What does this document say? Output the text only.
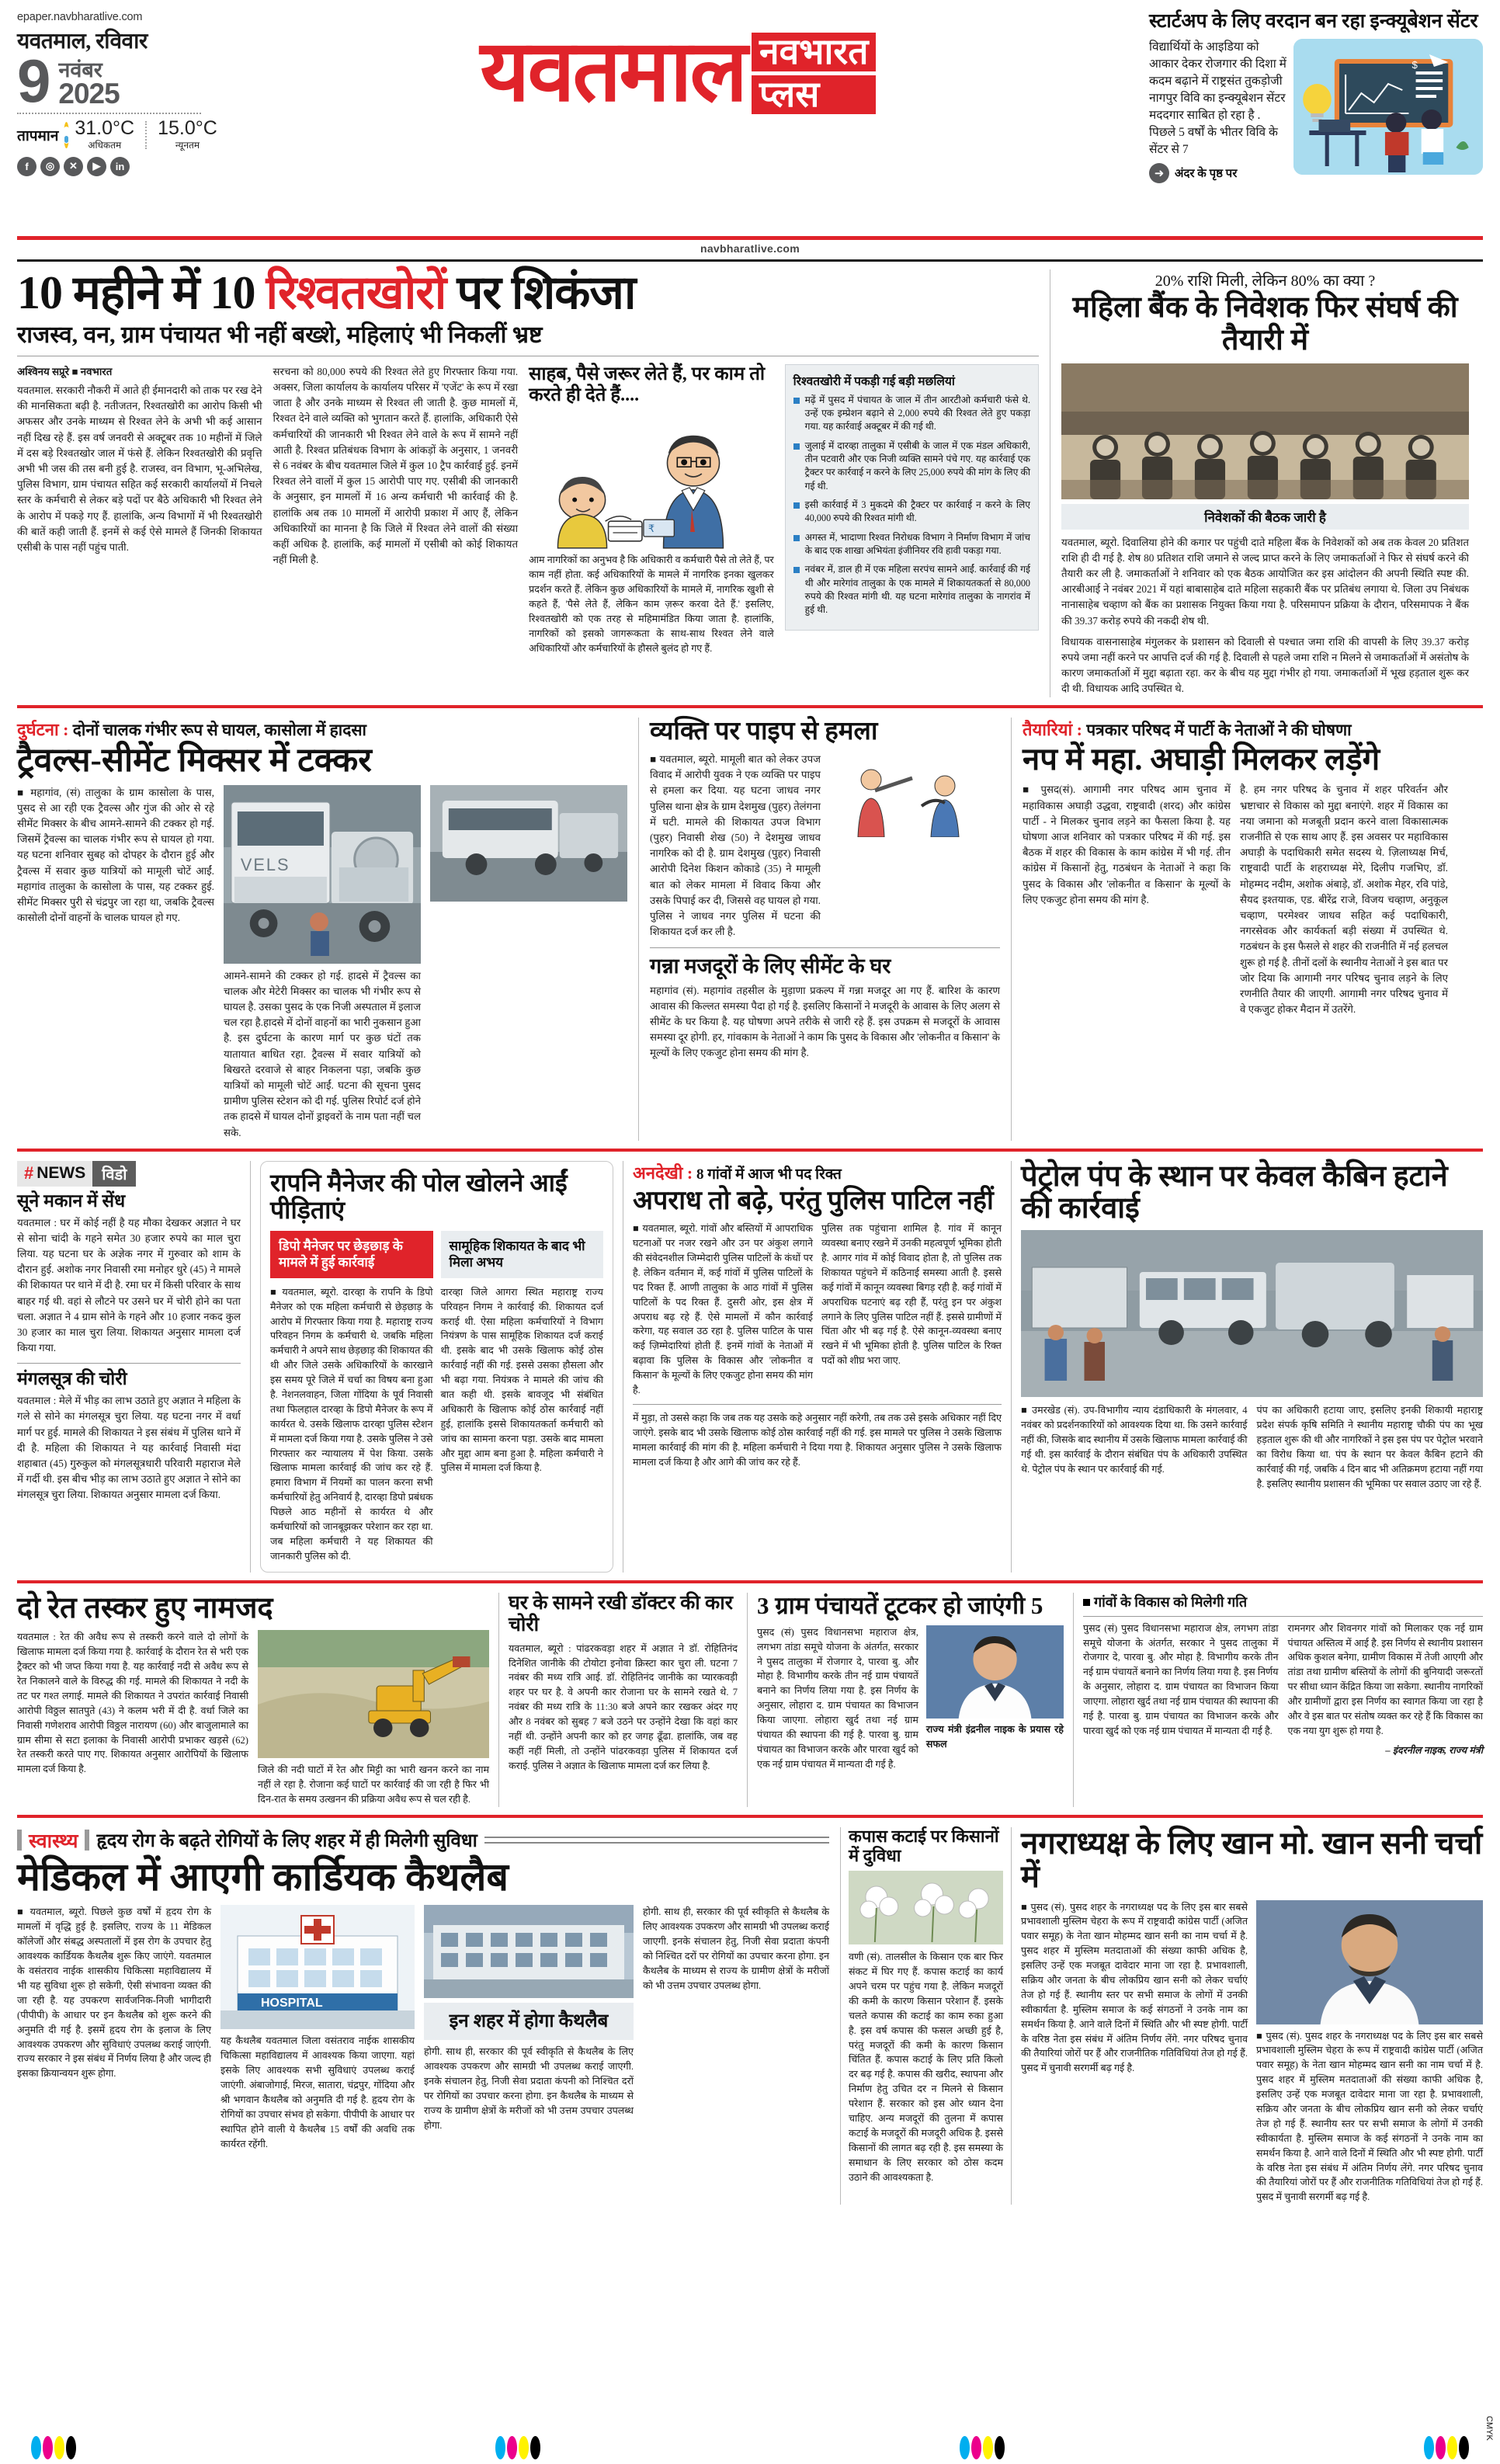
epaper.navbharatlive.com
यवतमाल, रविवार
9 नवंबर
2025
तापमान 31.0°C
अधिकतम
15.0°C
न्यूनतम
f	◎	✕	▶	in
यवतमाल नवभारत
प्लस
स्टार्टअप के लिए वरदान बन रहा इन्क्यूबेशन सेंटर
विद्यार्थियों के आइडिया को आकार देकर रोजगार की दिशा में कदम बढ़ाने में राष्ट्रसंत तुकड़ोजी नागपुर विवि का इन्क्यूबेशन सेंटर मददगार साबित हो रहा है . पिछले 5 वर्षों के भीतर विवि के सेंटर से 7
➜ अंदर के पृष्ठ पर
$
navbharatlive.com
10 महीने में 10 रिश्वतखोरों पर शिकंजा
राजस्व, वन, ग्राम पंचायत भी नहीं बख्शे, महिलाएं भी निकलीं भ्रष्ट
अश्विनय सप्रूरे ■ नवभारत
यवतमाल. सरकारी नौकरी में आते ही ईमानदारी को ताक पर रख देने की मानसिकता बढ़ी है. नतीजतन, रिश्वतखोरी का आरोप किसी भी अफसर और उनके माध्यम से रिश्वत लेने के अभी भी कई आसान नहीं दिख रहे हैं. इस वर्ष जनवरी से अक्टूबर तक 10 महीनों में जिले में दस बड़े रिश्वतखोर जाल में फंसे हैं. लेकिन रिश्वतखोरी की प्रवृत्ति अभी भी जस की तस बनी हुई है. राजस्व, वन विभाग, भू-अभिलेख, पुलिस विभाग, ग्राम पंचायत सहित कई सरकारी कार्यालयों में निचले स्तर के कर्मचारी से लेकर बड़े पदों पर बैठे अधिकारी भी रिश्वत लेने के आरोप में पकड़े गए हैं. हालांकि, अन्य विभागों में भी रिश्वतखोरी की बातें कही जाती हैं. इनमें से कई ऐसे मामले हैं जिनकी शिकायत एसीबी के पास नहीं पहुंच पाती.
सरचना को 80,000 रुपये की रिश्वत लेते हुए गिरफ्तार किया गया. अक्सर, जिला कार्यालय के कार्यालय परिसर में 'एजेंट' के रूप में रखा जाता है और उनके माध्यम से रिश्वत ली जाती है. कुछ मामलों में, रिश्वत देने वाले व्यक्ति को भुगतान करते हैं. हालांकि, अधिकारी ऐसे कर्मचारियों की जानकारी भी रिश्वत लेने वाले के रूप में सामने नहीं आती है. रिश्वत प्रतिबंधक विभाग के आंकड़ों के अनुसार, 1 जनवरी से 6 नवंबर के बीच यवतमाल जिले में कुल 10 ट्रैप कार्रवाई हुई. इनमें रिश्वत लेने वालों में कुल 15 आरोपी पाए गए. एसीबी की जानकारी के अनुसार, इन मामलों में 16 अन्य कर्मचारी भी कार्रवाई की है. हालांकि अब तक 10 मामलों में आरोपी प्रकाश में आए हैं, लेकिन अधिकारियों का मानना है कि जिले में रिश्वत लेने वालों की संख्या कहीं अधिक है. हालांकि, कई मामलों में एसीबी को कोई शिकायत नहीं मिली है.
साहब, पैसे जरूर लेते हैं, पर काम तो करते ही देते हैं....
₹
आम नागरिकों का अनुभव है कि अधिकारी व कर्मचारी पैसे तो लेते हैं, पर काम नहीं होता. कई अधिकारियों के मामले में नागरिक इनका खुलकर प्रदर्शन करते हैं. लेकिन कुछ अधिकारियों के मामले में, नागरिक खुशी से कहते हैं, 'पैसे लेते हैं, लेकिन काम ज़रूर करवा देते हैं.' इसलिए, रिश्वतखोरी को एक तरह से महिमामंडित किया जाता है. हालांकि, नागरिकों को इसको जागरूकता के साथ-साथ रिश्वत लेने वाले अधिकारियों और कर्मचारियों के हौसले बुलंद हो गए हैं.
रिश्वतखोरी में पकड़ी गई बड़ी मछलियां
मढ़ें में पुसद में पंचायत के जाल में तीन आरटीओ कर्मचारी फंसे थे. उन्हें एक इम्प्रेशन बढ़ाने से 2,000 रुपये की रिश्वत लेते हुए पकड़ा गया. यह कार्रवाई अक्टूबर में की गई थी.
जुलाई में दारव्हा तालुका में एसीबी के जाल में एक मंडल अधिकारी, तीन पटवारी और एक निजी व्यक्ति सामने पंचे गए. यह कार्रवाई एक ट्रैक्टर पर कार्रवाई न करने के लिए 25,000 रुपये की मांग के लिए की गई थी.
इसी कार्रवाई में 3 मुकदमे की ट्रैक्टर पर कार्रवाई न करने के लिए 40,000 रुपये की रिश्वत मांगी थी.
अगस्त में, भादाणा रिश्वत निरोधक विभाग ने निर्माण विभाग में जांच के बाद एक शाखा अभियंता इंजीनियर रवि हावी पकड़ा गया.
नवंबर में, डाल ही में एक महिला सरपंच सामने आईं. कार्रवाई की गई थी और मारेगांव तालुका के एक मामले में शिकायतकर्ता से 80,000 रुपये की रिश्वत मांगी थी. यह घटना मारेगांव तालुका के नागरांव में हुई थी.
20% राशि मिली, लेकिन 80% का क्या ?
महिला बैंक के निवेशक फिर संघर्ष की तैयारी में
निवेशकों की बैठक जारी है
यवतमाल, ब्यूरो. दिवालिया होने की कगार पर पहुंची दाते महिला बैंक के निवेशकों को अब तक केवल 20 प्रतिशत राशि ही दी गई है. शेष 80 प्रतिशत राशि जमाने से जल्द प्राप्त करने के लिए जमाकर्ताओं ने फिर से संघर्ष करने की तैयारी कर ली है. जमाकर्ताओं ने शनिवार को एक बैठक आयोजित कर इस आंदोलन की अपनी स्थिति स्पष्ट की. आरबीआई ने नवंबर 2021 में यहां बाबासाहेब दाते महिला सहकारी बैंक पर प्रतिबंध लगाया थे. जिला उप निबंधक नानासाहेब चव्हाण को बैंक का प्रशासक नियुक्त किया गया है. परिसमापन प्रक्रिया के दौरान, परिसमापक ने बैंक की 39.37 करोड़ रुपये की नकदी शेष थी.
विधायक वासनासाहेब मंगुलकर के प्रशासन को दिवाली से पश्चात जमा राशि की वापसी के लिए 39.37 करोड़ रुपये जमा नहीं करने पर आपत्ति दर्ज की गई है. दिवाली से पहले जमा राशि न मिलने से जमाकर्ताओं में असंतोष के कारण जमाकर्ताओं में मुद्दा बढ़ाता रहा. कर के बीच यह मुद्दा गंभीर हो गया. जमाकर्ताओं में भूख हड़ताल शुरू कर दी थी. विधायक आदि उपस्थित थे.
दुर्घटना : दोनों चालक गंभीर रूप से घायल, कासोला में हादसा
ट्रैवल्स-सीमेंट मिक्सर में टक्कर
■ महागांव, (सं) तालुका के ग्राम कासोला के पास, पुसद से आ रही एक ट्रैवल्स और गुंज की ओर से रहे सीमेंट मिक्सर के बीच आमने-सामने की टक्कर हो गई. जिसमें ट्रैवल्स का चालक गंभीर रूप से घायल हो गया. यह घटना शनिवार सुबह को दोपहर के दौरान हुई और ट्रैवल्स में सवार कुछ यात्रियों को मामूली चोटें आईं. महागांव तालुका के कासोला के पास, यह टक्कर हुई. सीमेंट मिक्सर पुरी से चंद्रपुर जा रहा था, जबकि ट्रैवल्स कासोली दोनों वाहनों के चालक घायल हो गए.
VELS
आमने-सामने की टक्कर हो गई. हादसे में ट्रैवल्स का चालक और मेटेरी मिक्सर का चालक भी गंभीर रूप से घायल है. उसका पुसद के एक निजी अस्पताल में इलाज चल रहा है.हादसे में दोनों वाहनों का भारी नुकसान हुआ है. इस दुर्घटना के कारण मार्ग पर कुछ घंटों तक यातायात बाधित रहा. ट्रैवल्स में सवार यात्रियों को बिखरते दरवाजे से बाहर निकलना पड़ा, जबकि कुछ यात्रियों को मामूली चोटें आईं. घटना की सूचना पुसद ग्रामीण पुलिस स्टेशन को दी गई. पुलिस रिपोर्ट दर्ज होने तक हादसे में घायल दोनों ड्राइवरों के नाम पता नहीं चल सके.
व्यक्ति पर पाइप से हमला
■ यवतमाल, ब्यूरो. मामूली बात को लेकर उपज विवाद में आरोपी युवक ने एक व्यक्ति पर पाइप से हमला कर दिया. यह घटना जाधव नगर पुलिस थाना क्षेत्र के ग्राम देशमुख (पुहर) तेलंगना में घटी. मामले की शिकायत उपज विभाग (पुहर) निवासी शेख (50) ने देशमुख जाधव नागरिक को दी है. ग्राम देशमुख (पुहर) निवासी आरोपी दिनेश किशन कोकाडे (35) ने मामूली बात को लेकर मामला में विवाद किया और उसके पिपाई कर दी, जिससे वह घायल हो गया. पुलिस ने जाधव नगर पुलिस में घटना की शिकायत दर्ज कर ली है.
गन्ना मजदूरों के लिए सीमेंट के घर
महागांव (सं). महागांव तहसील के मुड़ाणा प्रकल्प में गन्ना मजदूर आ गए हैं. बारिश के कारण आवास की किल्लत समस्या पैदा हो गई है. इसलिए किसानों ने मजदूरी के आवास के लिए अलग से सीमेंट के घर किया है. यह घोषणा अपने तरीके से जारी रहे हैं. इस उपक्रम से मजदूरों के आवास समस्या दूर होगी. हर, गांवकाम के नेताओं ने काम कि पुसद के विकास और 'लोकनीत व किसान' के मूल्यों के लिए एकजुट होना समय की मांग है.
तैयारियां : पत्रकार परिषद में पार्टी के नेताओं ने की घोषणा
नप में महा. अघाड़ी मिलकर लड़ेंगे
■ पुसद(सं). आगामी नगर परिषद आम चुनाव में महाविकास अघाड़ी उद्धवा, राष्ट्रवादी (शरद) और कांग्रेस पार्टी - ने मिलकर चुनाव लड़ने का फैसला किया है. यह घोषणा आज शनिवार को पत्रकार परिषद में की गई. इस बैठक में शहर की विकास के काम कांग्रेस में भी गई. तीन कांग्रेस में किसानों हेतु, गठबंधन के नेताओं ने कहा कि पुसद के विकास और 'लोकनीत व किसान' के मूल्यों के लिए एकजुट होना समय की मांग है.
है. हम नगर परिषद के चुनाव में शहर परिवर्तन और भ्रष्टाचार से विकास को मुद्दा बनाएंगे. शहर में विकास का नया जमाना को मजबूती प्रदान करने वाला विकासात्मक राजनीति से एक साथ आए हैं. इस अवसर पर महाविकास अघाड़ी के पदाधिकारी समेत सदस्य थे. ज़िलाध्यक्ष मिर्च, राष्ट्रवादी पार्टी के शहराध्यक्ष मेरे, दिलीप गजभिए, डॉ. मोहम्मद नदीम, अशोक अंबाड़े, डॉ. अशोक मेहर, रवि पांडे, सैयद इश्तयाक, एड. बीरेंद्र राजे, विजय चव्हाण, अनुकूल चव्हाण, परमेश्वर जाधव सहित कई पदाधिकारी, नगरसेवक और कार्यकर्ता बड़ी संख्या में उपस्थित थे. गठबंधन के इस फैसले से शहर की राजनीति में नई हलचल शुरू हो गई है. तीनों दलों के स्थानीय नेताओं ने इस बात पर जोर दिया कि आगामी नगर परिषद चुनाव लड़ने के लिए रणनीति तैयार की जाएगी. आगामी नगर परिषद चुनाव में वे एकजुट होकर मैदान में उतरेंगे.
# NEWS	विडो
सूने मकान में सेंध
यवतमाल : घर में कोई नहीं है यह मौका देखकर अज्ञात ने घर से सोना चांदी के गहने समेत 30 हजार रुपये का माल चुरा लिया. यह घटना घर के अज्ञेक नगर में गुरुवार को शाम के दौरान हुई. अशोक नगर निवासी रमा मनोहर धुरे (45) ने मामले की शिकायत पर थाने में दी है. रमा घर में किसी परिवार के साथ बाहर गई थी. वहां से लौटने पर उसने घर में चोरी होने का पता चला. अज्ञात ने 4 ग्राम सोने के गहने और 10 हजार नकद कुल 30 हजार का माल चुरा लिया. शिकायत अनुसार मामला दर्ज किया गया.
मंगलसूत्र की चोरी
यवतमाल : मेले में भीड़ का लाभ उठाते हुए अज्ञात ने महिला के गले से सोने का मंगलसूत्र चुरा लिया. यह घटना नगर में वर्धा मार्ग पर हुई. मामले की शिकायत ने इस संबंध में पुलिस थाने में दी है. महिला की शिकायत ने यह कार्रवाई निवासी मंदा शहाबात (45) गुरुकुल को मंगलसूत्रधारी परिवारी महाराज मेले में गर्दी थी. इस बीच भीड़ का लाभ उठाते हुए अज्ञात ने सोने का मंगलसूत्र चुरा लिया. शिकायत अनुसार मामला दर्ज किया.
रापनि मैनेजर की पोल खोलने आईं पीड़िताएं
डिपो मैनेजर पर छेड़छाड़ के मामले में हुई कार्रवाई
सामूहिक शिकायत के बाद भी मिला अभय
■ यवतमाल, ब्यूरो. दारव्हा के रापनि के डिपो मैनेजर को एक महिला कर्मचारी से छेड़छाड़ के आरोप में गिरफ्तार किया गया है. महाराष्ट्र राज्य परिवहन निगम के कर्मचारी थे. जबकि महिला कर्मचारी ने अपने साथ छेड़छाड़ की शिकायत की थी और जिले उसके अधिकारियों के कारखाने इस समय पूरे जिले में चर्चा का विषय बना हुआ है. नेशनलवाहन, जिला गोंदिया के पूर्व निवासी तथा फिलहाल दारव्हा के डिपो मैनेजर के रूप में कार्यरत थे. उसके खिलाफ दारव्हा पुलिस स्टेशन में मामला दर्ज किया गया है. उसके पुलिस ने उसे गिरफ्तार कर न्यायालय में पेश किया. उसके खिलाफ मामला कार्रवाई की जांच कर रहे हैं. हमारा विभाग में नियमों का पालन करना सभी कर्मचारियों हेतु अनिवार्य है, दारव्हा डिपो प्रबंधक पिछले आठ महीनों से कार्यरत थे और कर्मचारियों को जानबूझकर परेशान कर रहा था. जब महिला कर्मचारी ने यह शिकायत की जानकारी पुलिस को दी.
दारव्हा जिले आगरा स्थित महाराष्ट्र राज्य परिवहन निगम ने कार्रवाई की. शिकायत दर्ज कराई थी. ऐसा महिला कर्मचारियों ने विभाग नियंत्रण के पास सामूहिक शिकायत दर्ज कराई थी. इसके बाद भी उसके खिलाफ कोई ठोस कार्रवाई नहीं की गई. इससे उसका हौसला और भी बढ़ा गया. नियंत्रक ने मामले की जांच की बात कही थी. इसके बावजूद भी संबंधित अधिकारी के खिलाफ कोई ठोस कार्रवाई नहीं हुई, हालांकि इससे शिकायतकर्ता कर्मचारी को जांच का सामना करना पड़ा. उसके बाद मामला और मुद्दा आम बना हुआ है. महिला कर्मचारी ने पुलिस में मामला दर्ज किया है.
अनदेखी : 8 गांवों में आज भी पद रिक्त
अपराध तो बढ़े, परंतु पुलिस पाटिल नहीं
■ यवतमाल, ब्यूरो. गांवों और बस्तियों में आपराधिक घटनाओं पर नजर रखने और उन पर अंकुश लगाने की संवेदनशील जिम्मेदारी पुलिस पाटिलों के कंधों पर है. लेकिन वर्तमान में, कई गांवों में पुलिस पाटिलों के पद रिक्त हैं. आणी तालुका के आठ गांवों में पुलिस पाटिलों के पद रिक्त हैं. दुसरी ओर, इस क्षेत्र में अपराध बढ़ रहे हैं. ऐसे मामलों में कौन कार्रवाई करेगा, यह सवाल उठ रहा है. पुलिस पाटिल के पास कई ज़िम्मेदारियां होती हैं. इनमें गांवों के नेताओं में बढ़ावा कि पुलिस के विकास और 'लोकनीत व किसान' के मूल्यों के लिए एकजुट होना समय की मांग है.
पुलिस तक पहुंचाना शामिल है. गांव में कानून व्यवस्था बनाए रखने में उनकी महत्वपूर्ण भूमिका होती है. आगर गांव में कोई विवाद होता है, तो पुलिस तक शिकायत पहुंचने में कठिनाई समस्या आती है. इससे कई गांवों में कानून व्यवस्था बिगड़ रही है. कई गांवों में अपराधिक घटनाएं बढ़ रही हैं, परंतु इन पर अंकुश लगाने के लिए पुलिस पाटिल नहीं हैं. इससे ग्रामीणों में चिंता और भी बढ़ गई है. ऐसे कानून-व्यवस्था बनाए रखने में भी भूमिका होती है. पुलिस पाटिल के रिक्त पदों को शीघ्र भरा जाए.
में मुड़ा, तो उससे कहा कि जब तक यह उसके कहे अनुसार नहीं करेगी, तब तक उसे इसके अधिकार नहीं दिए जाएंगे. इसके बाद भी उसके खिलाफ कोई ठोस कार्रवाई नहीं की गई. इस मामले पर पुलिस ने उसके खिलाफ मामला कार्रवाई की मांग की है. महिला कर्मचारी ने दिया गया है. शिकायत अनुसार पुलिस ने उसके खिलाफ मामला दर्ज किया है और आगे की जांच कर रहे हैं.
पेट्रोल पंप के स्थान पर केवल कैबिन हटाने की कार्रवाई
■ उमरखेड (सं). उप-विभागीय न्याय दंडाधिकारी के मंगलवार, 4 नवंबर को प्रदर्शनकारियों को आवश्यक दिया था. कि उसने कार्रवाई नहीं की, जिसके बाद स्थानीय में उसके खिलाफ मामला कार्रवाई की गई थी. इस कार्रवाई के दौरान संबंधित पंप के अधिकारी उपस्थित थे. पेट्रोल पंप के स्थान पर कार्रवाई की गई.
पंप का अधिकारी हटाया जाए, इसलिए इनकी शिकायी महाराष्ट्र प्रदेश संपर्क कृषि समिति ने स्थानीय महाराष्ट्र चौकी पंप का भूख हड़ताल शुरू की थी और नागरिकों ने इस इस पंप पर पेट्रोल भरवाने का विरोध किया था. पंप के स्थान पर केवल कैबिन हटाने की कार्रवाई की गई, जबकि 4 दिन बाद भी अतिक्रमण हटाया नहीं गया है. इसलिए स्थानीय प्रशासन की भूमिका पर सवाल उठाए जा रहे हैं.
दो रेत तस्कर हुए नामजद
यवतमाल : रेत की अवैध रूप से तस्करी करने वाले दो लोगों के खिलाफ मामला दर्ज किया गया है. कार्रवाई के दौरान रेत से भरी एक ट्रैक्टर को भी जप्त किया गया है. यह कार्रवाई नदी से अवैध रूप से रेत निकालने वाले के विरुद्ध की गई. मामले की शिकायत ने नदी के तट पर गश्त लगाई. मामले की शिकायत ने उपरांत कार्रवाई निवासी आरोपी विठ्ठल सातपुते (43) ने कलम भरी में दी है. वर्धा जिले का निवासी गणेशराव आरोपी विठ्ठल नारायण (60) और बाजुलामाले का ग्राम सीमा से सटा इलाका के निवासी आरोपी प्रभाकर खड़से (62) रेत तस्करी करते पाए गए. शिकायत अनुसार आरोपियों के खिलाफ मामला दर्ज किया है.	जिले की नदी घाटों में रेत और मिट्टी का भारी खनन करने का नाम नहीं ले रहा है. रोजाना कई घाटों पर कार्रवाई की जा रही है फिर भी दिन-रात के समय उत्खनन की प्रक्रिया अवैध रूप से चल रही है.
घर के सामने रखी डॉक्टर की कार चोरी
यवतमाल, ब्यूरो : पांढरकवड़ा शहर में अज्ञात ने डॉ. रोहितिनंद दिनेशित जानीके की टोयोटा इनोवा क्रिस्टा कार चुरा ली. घटना 7 नवंबर की मध्य रात्रि आई. डॉ. रोहितिनंद जानीके का प्यारकवड़ी शहर पर घर है. वे अपनी कार रोजाना घर के सामने रखते थे. 7 नवंबर की मध्य रात्रि के 11:30 बजे अपने कार रखकर अंदर गए और 8 नवंबर को सुबह 7 बजे उठने पर उन्होंने देखा कि वहां कार नहीं थी. उन्होंने अपनी कार को हर जगह ढूँढा. हालांकि, जब वह कहीं नहीं मिली, तो उन्होंने पांढरकवड़ा पुलिस में शिकायत दर्ज कराई. पुलिस ने अज्ञात के खिलाफ मामला दर्ज कर लिया है.
3 ग्राम पंचायतें टूटकर हो जाएंगी 5
पुसद (सं) पुसद विधानसभा महाराज क्षेत्र, लगभग तांडा समूचे योजना के अंतर्गत, सरकार ने पुसद तालुका में रोजगार दे, पारवा बु. और मोहा है. विभागीय करके तीन नई ग्राम पंचायतें बनाने का निर्णय लिया गया है. इस निर्णय के अनुसार, लोहारा द. ग्राम पंचायत का विभाजन किया जाएगा. लोहारा खुर्द तथा नई ग्राम पंचायत की स्थापना की गई है. पारवा बु. ग्राम पंचायत का विभाजन करके और पारवा खुर्द को एक नई ग्राम पंचायत में मान्यता दी गई है.
राज्य मंत्री इंद्रनील नाइक के प्रयास रहे सफल
गांवों के विकास को मिलेगी गति
पुसद (सं) पुसद विधानसभा महाराज क्षेत्र, लगभग तांडा समूचे योजना के अंतर्गत, सरकार ने पुसद तालुका में रोजगार दे, पारवा बु. और मोहा है. विभागीय करके तीन नई ग्राम पंचायतें बनाने का निर्णय लिया गया है. इस निर्णय के अनुसार, लोहारा द. ग्राम पंचायत का विभाजन किया जाएगा. लोहारा खुर्द तथा नई ग्राम पंचायत की स्थापना की गई है. पारवा बु. ग्राम पंचायत का विभाजन करके और पारवा खुर्द को एक नई ग्राम पंचायत में मान्यता दी गई है.
रामनगर और शिवनगर गांवों को मिलाकर एक नई ग्राम पंचायत अस्तित्व में आई है. इस निर्णय से स्थानीय प्रशासन अधिक कुशल बनेगा, ग्रामीण विकास में तेजी आएगी और तांडा तथा ग्रामीण बस्तियों के लोगों की बुनियादी जरूरतों पर सीधा ध्यान केंद्रित किया जा सकेगा. स्थानीय नागरिकों और ग्रामीणों द्वारा इस निर्णय का स्वागत किया जा रहा है और वे इस बात पर संतोष व्यक्त कर रहे हैं कि विकास का एक नया युग शुरू हो गया है.
– इंदरनील नाइक, राज्य मंत्री
स्वास्थ्य हृदय रोग के बढ़ते रोगियों के लिए शहर में ही मिलेगी सुविधा
मेडिकल में आएगी कार्डियक कैथलैब
■ यवतमाल, ब्यूरो. पिछले कुछ वर्षों में हृदय रोग के मामलों में वृद्धि हुई है. इसलिए, राज्य के 11 मेडिकल कॉलेजों और संबद्ध अस्पतालों में इस रोग के उपचार हेतु आवश्यक कार्डियक कैथलैब शुरू किए जाएंगे. यवतमाल के वसंतराव नाईक शासकीय चिकित्सा महाविद्यालय में भी यह सुविधा शुरू हो सकेगी, ऐसी संभावना व्यक्त की जा रही है. यह उपकरण सार्वजनिक-निजी भागीदारी (पीपीपी) के आधार पर इन कैथलैब को शुरू करने की अनुमति दी गई है. इसमें हृदय रोग के इलाज के लिए आवश्यक उपकरण और सुविधाएं उपलब्ध कराई जाएंगी. राज्य सरकार ने इस संबंध में निर्णय लिया है और जल्द ही इसका क्रियान्वयन शुरू होगा.
HOSPITAL
यह कैथलैब यवतमाल जिला वसंतराव नाईक शासकीय चिकित्सा महाविद्यालय में आवश्यक किया जाएगा. यहां इसके लिए आवश्यक सभी सुविधाएं उपलब्ध कराई जाएंगी. अंबाजोगाई, मिरज, सातारा, चंद्रपुर, गोंदिया और श्री भगवान कैथलैब को अनुमति दी गई है. हृदय रोग के रोगियों का उपचार संभव हो सकेगा. पीपीपी के आधार पर स्थापित होने वाली ये कैथलैब 15 वर्षों की अवधि तक कार्यरत रहेंगी.
इन शहर में होगा कैथलैब
होगी. साथ ही, सरकार की पूर्व स्वीकृति से कैथलैब के लिए आवश्यक उपकरण और सामग्री भी उपलब्ध कराई जाएगी. इनके संचालन हेतु, निजी सेवा प्रदाता कंपनी को निश्चित दरों पर रोगियों का उपचार करना होगा. इन कैथलैब के माध्यम से राज्य के ग्रामीण क्षेत्रों के मरीजों को भी उत्तम उपचार उपलब्ध होगा.
होगी. साथ ही, सरकार की पूर्व स्वीकृति से कैथलैब के लिए आवश्यक उपकरण और सामग्री भी उपलब्ध कराई जाएगी. इनके संचालन हेतु, निजी सेवा प्रदाता कंपनी को निश्चित दरों पर रोगियों का उपचार करना होगा. इन कैथलैब के माध्यम से राज्य के ग्रामीण क्षेत्रों के मरीजों को भी उत्तम उपचार उपलब्ध होगा.
कपास कटाई पर किसानों में दुविधा
वणी (सं). तालसील के किसान एक बार फिर संकट में घिर गए हैं. कपास कटाई का कार्य अपने चरम पर पहुंच गया है. लेकिन मजदूरों की कमी के कारण किसान परेशान हैं. इसके चलते कपास की कटाई का काम रुका हुआ है. इस वर्ष कपास की फसल अच्छी हुई है, परंतु मजदूरों की कमी के कारण किसान चिंतित हैं. कपास कटाई के लिए प्रति किलो दर बढ़ गई है. कपास की खरीद, स्थापना और निर्माण हेतु उचित दर न मिलने से किसान परेशान हैं. सरकार को इस ओर ध्यान देना चाहिए. अन्य मजदूरों की तुलना में कपास कटाई के मजदूरों की मजदूरी अधिक है. इससे किसानों की लागत बढ़ रही है. इस समस्या के समाधान के लिए सरकार को ठोस कदम उठाने की आवश्यकता है.
नगराध्यक्ष के लिए खान मो. खान सनी चर्चा में
■ पुसद (सं). पुसद शहर के नगराध्यक्ष पद के लिए इस बार सबसे प्रभावशाली मुस्लिम चेहरा के रूप में राष्ट्रवादी कांग्रेस पार्टी (अजित पवार समूह) के नेता खान मोहम्मद खान सनी का नाम चर्चा में है. पुसद शहर में मुस्लिम मतदाताओं की संख्या काफी अधिक है, इसलिए उन्हें एक मजबूत दावेदार माना जा रहा है. प्रभावशाली, सक्रिय और जनता के बीच लोकप्रिय खान सनी को लेकर चर्चाएं तेज हो गई हैं. स्थानीय स्तर पर सभी समाज के लोगों में उनकी स्वीकार्यता है. मुस्लिम समाज के कई संगठनों ने उनके नाम का समर्थन किया है. आने वाले दिनों में स्थिति और भी स्पष्ट होगी. पार्टी के वरिष्ठ नेता इस संबंध में अंतिम निर्णय लेंगे. नगर परिषद चुनाव की तैयारियां जोरों पर हैं और राजनीतिक गतिविधियां तेज हो गई हैं. पुसद में चुनावी सरगर्मी बढ़ गई है.
■ पुसद (सं). पुसद शहर के नगराध्यक्ष पद के लिए इस बार सबसे प्रभावशाली मुस्लिम चेहरा के रूप में राष्ट्रवादी कांग्रेस पार्टी (अजित पवार समूह) के नेता खान मोहम्मद खान सनी का नाम चर्चा में है. पुसद शहर में मुस्लिम मतदाताओं की संख्या काफी अधिक है, इसलिए उन्हें एक मजबूत दावेदार माना जा रहा है. प्रभावशाली, सक्रिय और जनता के बीच लोकप्रिय खान सनी को लेकर चर्चाएं तेज हो गई हैं. स्थानीय स्तर पर सभी समाज के लोगों में उनकी स्वीकार्यता है. मुस्लिम समाज के कई संगठनों ने उनके नाम का समर्थन किया है. आने वाले दिनों में स्थिति और भी स्पष्ट होगी. पार्टी के वरिष्ठ नेता इस संबंध में अंतिम निर्णय लेंगे. नगर परिषद चुनाव की तैयारियां जोरों पर हैं और राजनीतिक गतिविधियां तेज हो गई हैं. पुसद में चुनावी सरगर्मी बढ़ गई है.
CMYK
